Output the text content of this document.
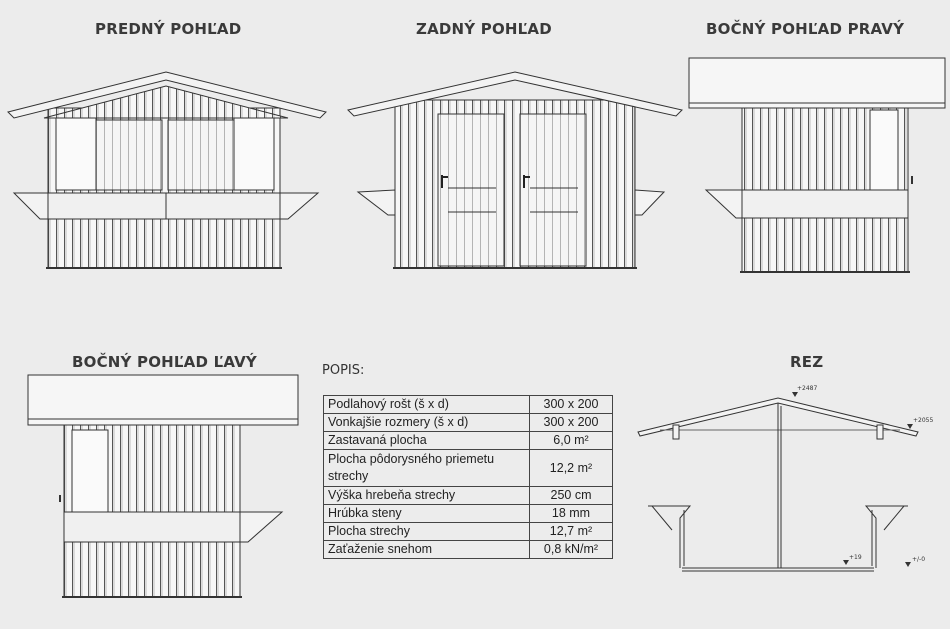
PREDNÝ POHĽAD	ZADNÝ POHĽAD	BOČNÝ POHĽAD PRAVÝ
BOČNÝ POHĽAD ĽAVÝ	REZ
POPIS:
+2487
+2055
+19	+/-0
Podlahový rošt (š x d)	300 x 200
Vonkajšie rozmery (š x d)	300 x 200
Zastavaná plocha	6,0 m²
Plocha pôdorysného priemetu strechy	12,2 m²
Výška hrebeňa strechy	250 cm
Hrúbka steny	18 mm
Plocha strechy	12,7 m²
Zaťaženie snehom	0,8 kN/m²
